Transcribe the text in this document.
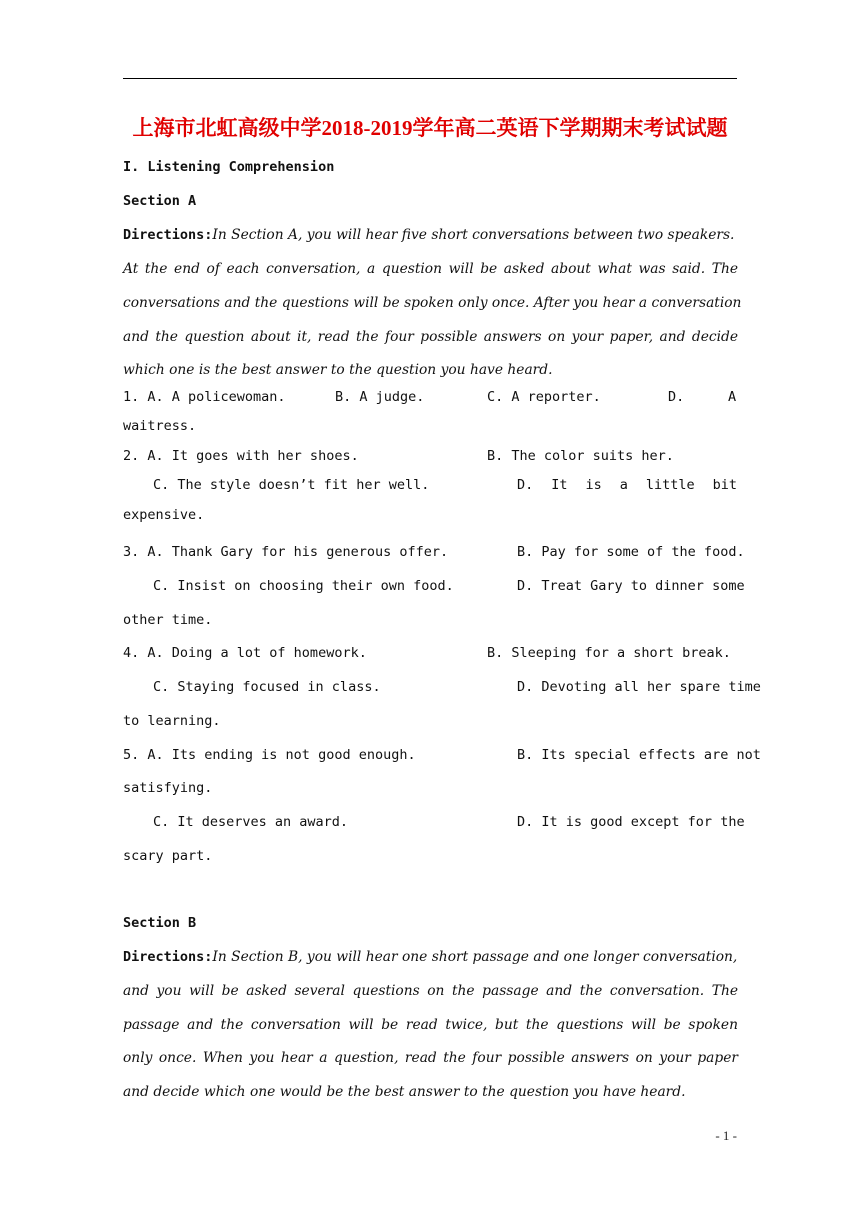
上海市北虹高级中学2018-2019学年高二英语下学期期末考试试题
I. Listening Comprehension
Section A
Directions:In Section A, you will hear five short conversations between two speakers.
At the end of each conversation, a question will be asked about what was said. The
conversations and the questions will be spoken only once. After you hear a conversation
and the question about it, read the four possible answers on your paper, and decide
which one is the best answer to the question you have heard.
1. A. A policewoman.	B. A judge.	C. A reporter.	D.	A
waitress.
2. A. It goes with her shoes.	B. The color suits her.
C. The style doesn’t fit her well.	D. It is a little bit
expensive.
3. A. Thank Gary for his generous offer.	B. Pay for some of the food.
C. Insist on choosing their own food.	D. Treat Gary to dinner some
other time.
4. A. Doing a lot of homework.	B. Sleeping for a short break.
C. Staying focused in class.	D. Devoting all her spare time
to learning.
5. A. Its ending is not good enough.	B. Its special effects are not
satisfying.
C. It deserves an award.	D. It is good except for the
scary part.
Section B
Directions:In Section B, you will hear one short passage and one longer conversation,
and you will be asked several questions on the passage and the conversation. The
passage and the conversation will be read twice, but the questions will be spoken
only once. When you hear a question, read the four possible answers on your paper
and decide which one would be the best answer to the question you have heard.
- 1 -
